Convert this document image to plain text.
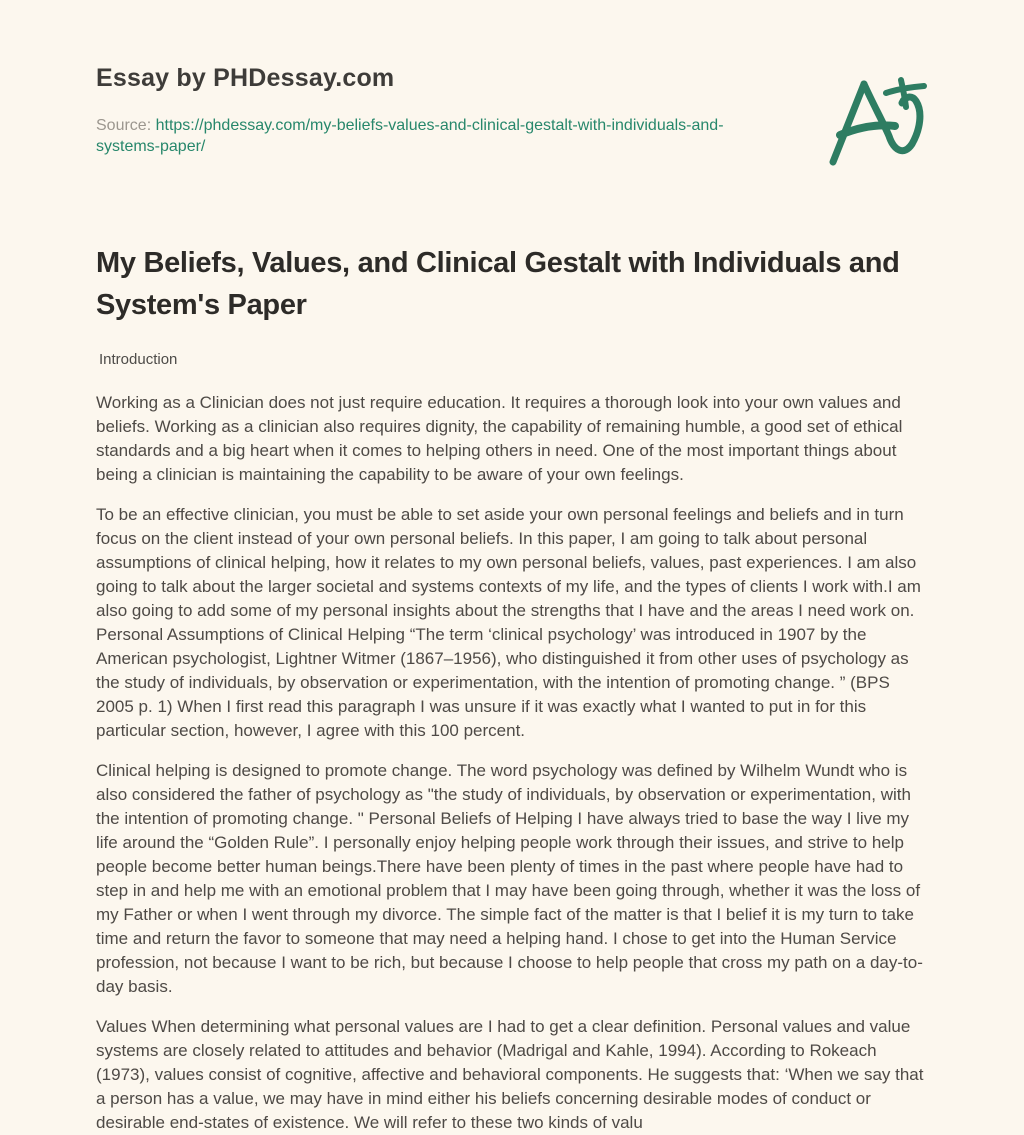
Essay by PHDessay.com

Source: https://phdessay.com/my-beliefs-values-and-clinical-gestalt-with-individuals-and-systems-paper/

My Beliefs, Values, and Clinical Gestalt with Individuals and System's Paper
Introduction

Working as a Clinician does not just require education. It requires a thorough look into your own values and beliefs. Working as a clinician also requires dignity, the capability of remaining humble, a good set of ethical standards and a big heart when it comes to helping others in need. One of the most important things about being a clinician is maintaining the capability to be aware of your own feelings.

To be an effective clinician, you must be able to set aside your own personal feelings and beliefs and in turn focus on the client instead of your own personal beliefs. In this paper, I am going to talk about personal assumptions of clinical helping, how it relates to my own personal beliefs, values, past experiences. I am also going to talk about the larger societal and systems contexts of my life, and the types of clients I work with.I am also going to add some of my personal insights about the strengths that I have and the areas I need work on. Personal Assumptions of Clinical Helping “The term ‘clinical psychology’ was introduced in 1907 by the American psychologist, Lightner Witmer (1867–1956), who distinguished it from other uses of psychology as the study of individuals, by observation or experimentation, with the intention of promoting change. ” (BPS 2005 p. 1) When I first read this paragraph I was unsure if it was exactly what I wanted to put in for this particular section, however, I agree with this 100 percent.

Clinical helping is designed to promote change. The word psychology was defined by Wilhelm Wundt who is also considered the father of psychology as "the study of individuals, by observation or experimentation, with the intention of promoting change. " Personal Beliefs of Helping I have always tried to base the way I live my life around the “Golden Rule”. I personally enjoy helping people work through their issues, and strive to help people become better human beings.There have been plenty of times in the past where people have had to step in and help me with an emotional problem that I may have been going through, whether it was the loss of my Father or when I went through my divorce. The simple fact of the matter is that I belief it is my turn to take time and return the favor to someone that may need a helping hand. I chose to get into the Human Service profession, not because I want to be rich, but because I choose to help people that cross my path on a day-to-day basis.

Values When determining what personal values are I had to get a clear definition. Personal values and value systems are closely related to attitudes and behavior (Madrigal and Kahle, 1994). According to Rokeach (1973), values consist of cognitive, affective and behavioral components. He suggests that: ‘When we say that a person has a value, we may have in mind either his beliefs concerning desirable modes of conduct or desirable end-states of existence. We will refer to these two kinds of valu
